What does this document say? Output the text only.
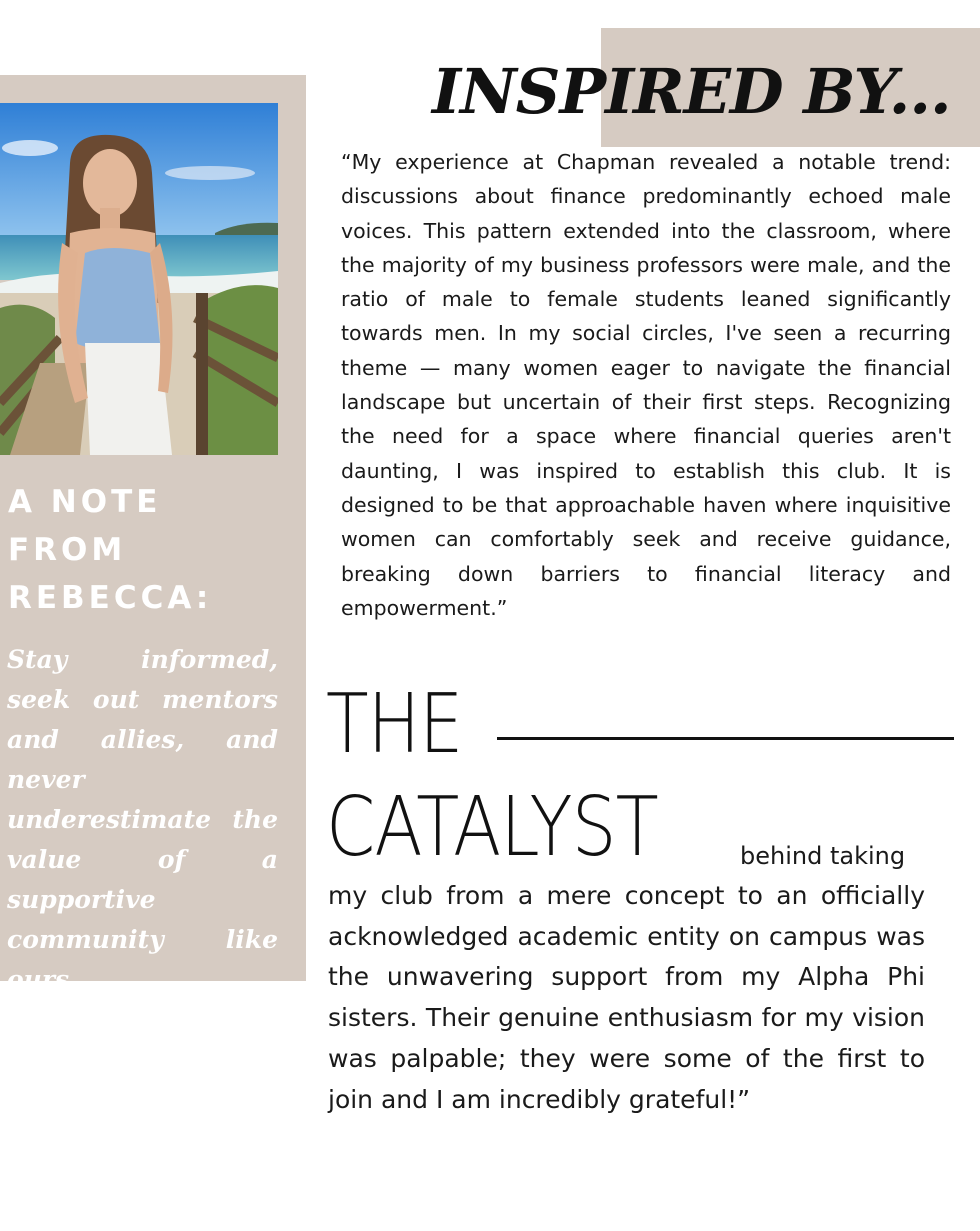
A NOTE FROM REBECCA:
Stay informed, seek out mentors and allies, and never underestimate the value of a supportive community like ours.
INSPIRED BY...
“My experience at Chapman revealed a notable trend: discussions about finance predominantly echoed male voices. This pattern extended into the classroom, where the majority of my business professors were male, and the ratio of male to female students leaned significantly towards men. In my social circles, I've seen a recurring theme — many women eager to navigate the financial landscape but uncertain of their first steps. Recognizing the need for a space where financial queries aren't daunting, I was inspired to establish this club. It is designed to be that approachable haven where inquisitive women can comfortably seek and receive guidance, breaking down barriers to financial literacy and empowerment.”
THE
CATALYST	behind taking
my club from a mere concept to an officially acknowledged academic entity on campus was the unwavering support from my Alpha Phi sisters. Their genuine enthusiasm for my vision was palpable; they were some of the first to join and I am incredibly grateful!”
